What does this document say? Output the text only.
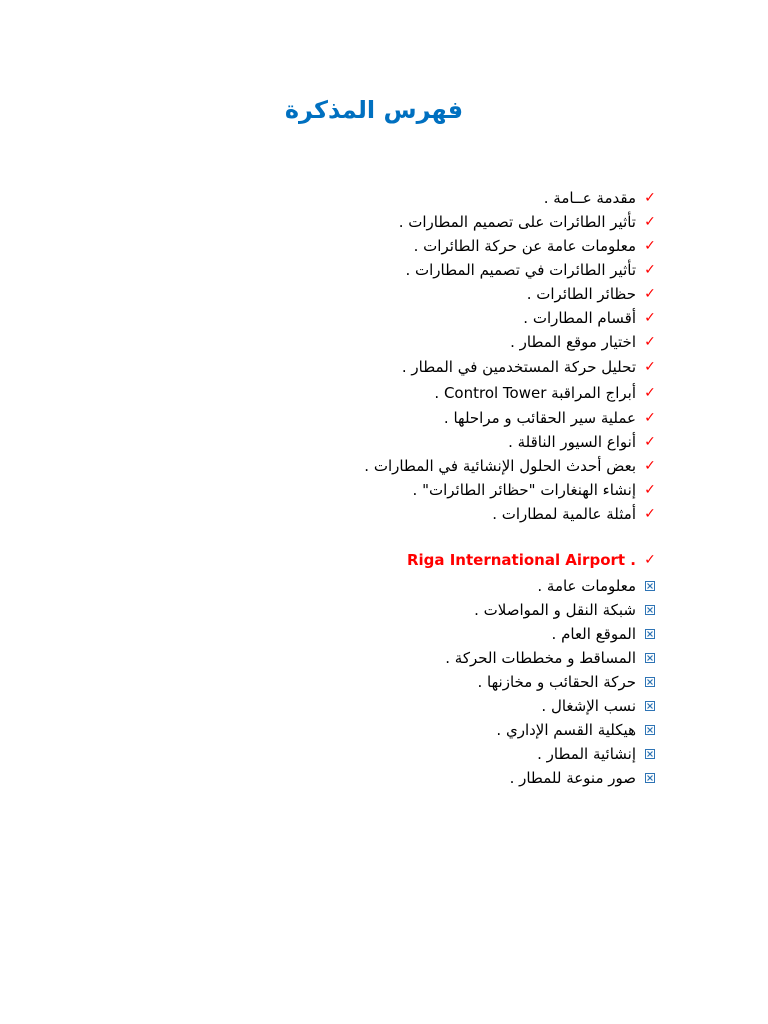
فهرس المذكرة
✓
مقدمة عــامة .
✓
تأثير الطائرات على تصميم المطارات .
✓
معلومات عامة عن حركة الطائرات .
✓
تأثير الطائرات في تصميم المطارات .
✓
حظائر الطائرات .
✓
أقسام المطارات .
✓
اختيار موقع المطار .
✓
تحليل حركة المستخدمين في المطار .
✓
أبراج المراقبة Control Tower .
✓
عملية سير الحقائب و مراحلها .
✓
أنواع السيور الناقلة .
✓
بعض أحدث الحلول الإنشائية في المطارات .
✓
إنشاء الهنغارات "حظائر الطائرات" .
✓
أمثلة عالمية لمطارات .
✓
Riga International Airport .
معلومات عامة .
شبكة النقل و المواصلات .
الموقع العام .
المساقط و مخططات الحركة .
حركة الحقائب و مخازنها .
نسب الإشغال .
هيكلية القسم الإداري .
إنشائية المطار .
صور منوعة للمطار .
